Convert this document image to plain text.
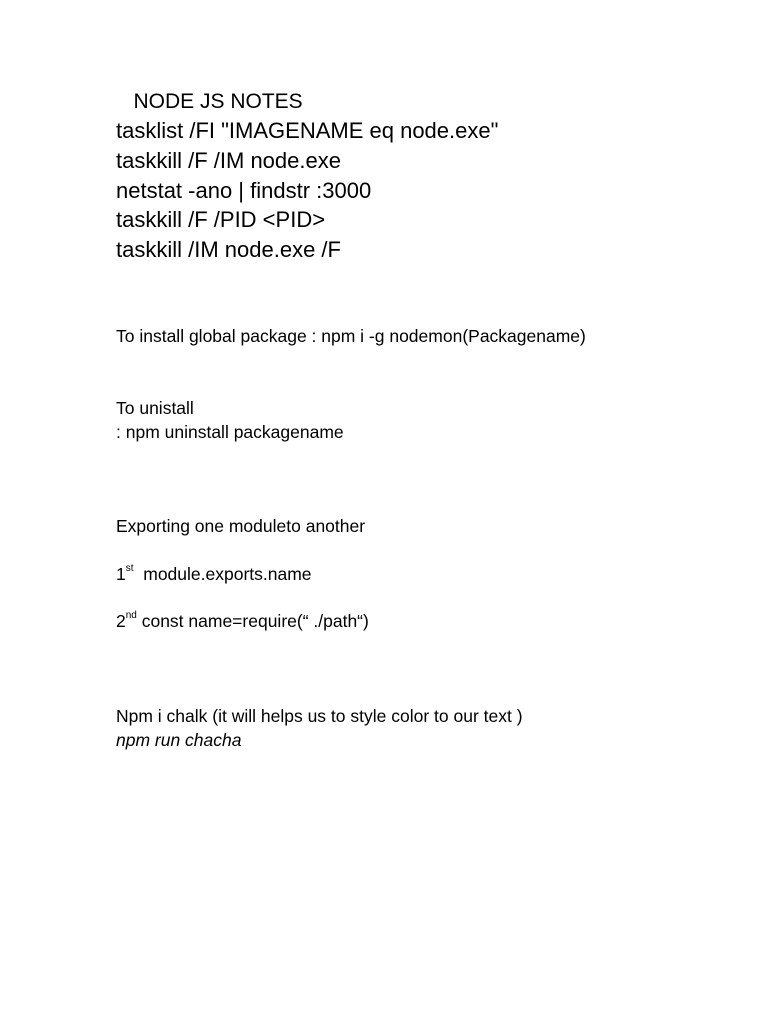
NODE JS NOTES
tasklist /FI "IMAGENAME eq node.exe"
taskkill /F /IM node.exe
netstat -ano | findstr :3000
taskkill /F /PID <PID>
taskkill /IM node.exe /F
To install global package : npm i -g nodemon(Packagename)
To unistall
: npm uninstall packagename
Exporting one moduleto another
1st  module.exports.name
2nd const name=require(“ ./path“)
Npm i chalk (it will helps us to style color to our text )
npm run chacha
